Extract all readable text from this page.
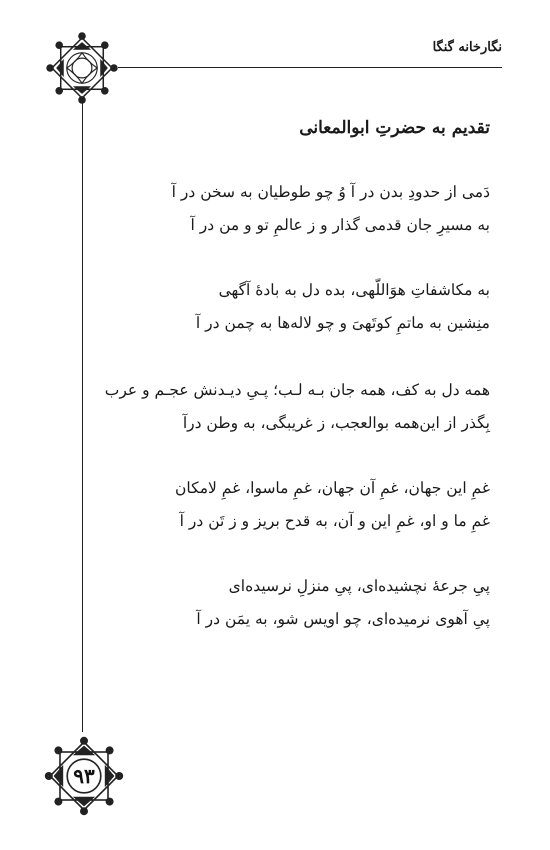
نگارخانه گنگا
تقدیم به حضرتِ ابوالمعانی
دَمی از حدودِ بدن در آ وُ چو طوطیان به سخن در آ
به مسیرِ جان قدمی گذار و ز عالمِ تو و من در آ
به مکاشفاتِ هوَاللّهی، بده دل به بادۀ آگهی
منِشین به ماتمِ کوتَهیَ و چو لاله‌ها به چمن در آ
همه دل به کف، همه جان بـه لـب؛ پـیِ دیـدنش عجـم و عرب
بِگذر از این‌همه بوالعجب، ز غریبگی، به وطن درآ
غمِ این جهان، غمِ آن جهان، غمِ ماسوا، غمِ لامکان
غمِ ما و او، غمِ این و آن، به قدح بریز و ز تَن در آ
پیِ جرعۀ نچشیده‌ای، پیِ منزلِ نرسیده‌ای
پیِ آهوی نرمیده‌ای، چو اویس شو، به یمَن در آ
۹۳
